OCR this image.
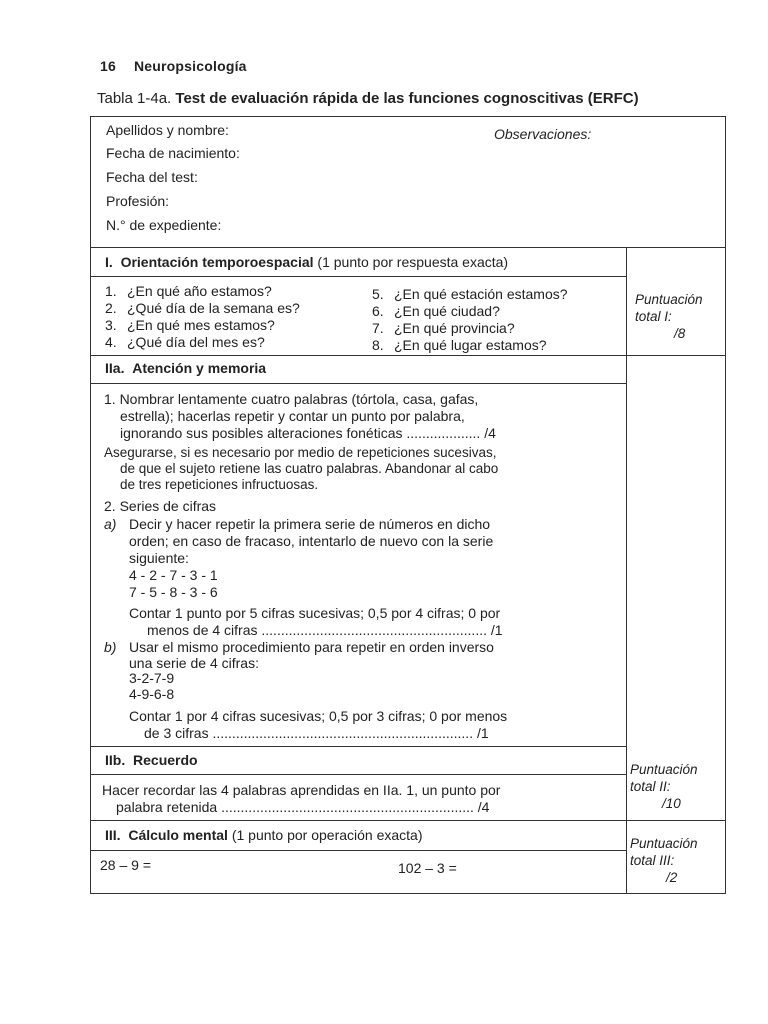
16 Neuropsicología
Tabla 1-4a. Test de evaluación rápida de las funciones cognoscitivas (ERFC)
Apellidos y nombre:
Fecha de nacimiento:
Fecha del test:
Profesión:
N.° de expediente:
Observaciones:
I. Orientación temporoespacial (1 punto por respuesta exacta)
1. ¿En qué año estamos?
2. ¿Qué día de la semana es?
3. ¿En qué mes estamos?
4. ¿Qué día del mes es?
5. ¿En qué estación estamos?
6. ¿En qué ciudad?
7. ¿En qué provincia?
8. ¿En qué lugar estamos?
Puntuación
total I:
/8
IIa. Atención y memoria
1. Nombrar lentamente cuatro palabras (tórtola, casa, gafas,
estrella); hacerlas repetir y contar un punto por palabra,
ignorando sus posibles alteraciones fonéticas ................... /4
Asegurarse, si es necesario por medio de repeticiones sucesivas,
de que el sujeto retiene las cuatro palabras. Abandonar al cabo
de tres repeticiones infructuosas.
2. Series de cifras
a) Decir y hacer repetir la primera serie de números en dicho
orden; en caso de fracaso, intentarlo de nuevo con la serie
siguiente:
4 - 2 - 7 - 3 - 1
7 - 5 - 8 - 3 - 6
Contar 1 punto por 5 cifras sucesivas; 0,5 por 4 cifras; 0 por
menos de 4 cifras .......................................................... /1
b) Usar el mismo procedimiento para repetir en orden inverso
una serie de 4 cifras:
3-2-7-9
4-9-6-8
Contar 1 por 4 cifras sucesivas; 0,5 por 3 cifras; 0 por menos
de 3 cifras ................................................................... /1
IIb. Recuerdo
Hacer recordar las 4 palabras aprendidas en IIa. 1, un punto por
palabra retenida ................................................................. /4
Puntuación
total II:
/10
III. Cálculo mental (1 punto por operación exacta)
28 – 9 =	102 – 3 =
Puntuación
total III:
/2
